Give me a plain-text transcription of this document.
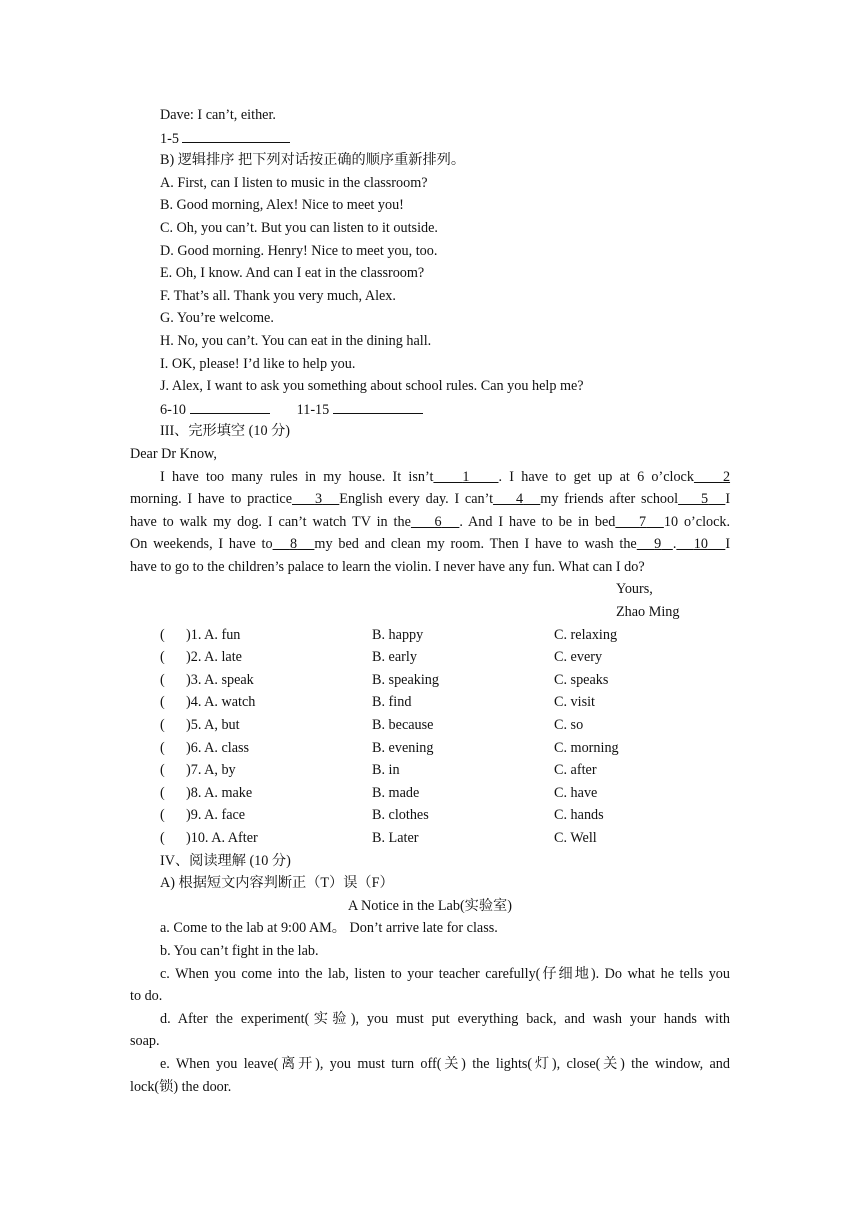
Dave: I can’t, either.
1-5
B) 逻辑排序 把下列对话按正确的顺序重新排列。
A. First, can I listen to music in the classroom?
B. Good morning, Alex! Nice to meet you!
C. Oh, you can’t. But you can listen to it outside.
D. Good morning. Henry! Nice to meet you, too.
E. Oh, I know. And can I eat in the classroom?
F. That’s all. Thank you very much, Alex.
G. You’re welcome.
H. No, you can’t. You can eat in the dining hall.
I. OK, please! I’d like to help you.
J. Alex, I want to ask you something about school rules. Can you help me?
6-10	11-15
III、完形填空 (10 分)
Dear Dr Know,
I have too many rules in my house. It isn’t 1 . I have to get up at 6 o’clock 2
morning. I have to practice 3 English every day. I can’t 4 my friends after school 5 I
have to walk my dog. I can’t watch TV in the 6 . And I have to be in bed 7 10 o’clock.
On weekends, I have to 8 my bed and clean my room. Then I have to wash the 9 . 10 I
have to go to the children’s palace to learn the violin. I never have any fun. What can I do?
Yours,
Zhao Ming
( )1. A. fun	B. happy	C. relaxing
( )2. A. late	B. early	C. every
( )3. A. speak	B. speaking	C. speaks
( )4. A. watch	B. find	C. visit
( )5. A, but	B. because	C. so
( )6. A. class	B. evening	C. morning
( )7. A, by	B. in	C. after
( )8. A. make	B. made	C. have
( )9. A. face	B. clothes	C. hands
( )10. A. After	B. Later	C. Well
IV、阅读理解 (10 分)
A) 根据短文内容判断正（T）误（F）
A Notice in the Lab(实验室)
a. Come to the lab at 9:00 AM。 Don’t arrive late for class.
b. You can’t fight in the lab.
c. When you come into the lab, listen to your teacher carefully(仔细地). Do what he tells you
to do.
d. After the experiment(实验), you must put everything back, and wash your hands with
soap.
e. When you leave(离开), you must turn off(关) the lights(灯), close(关) the window, and
lock(锁) the door.
